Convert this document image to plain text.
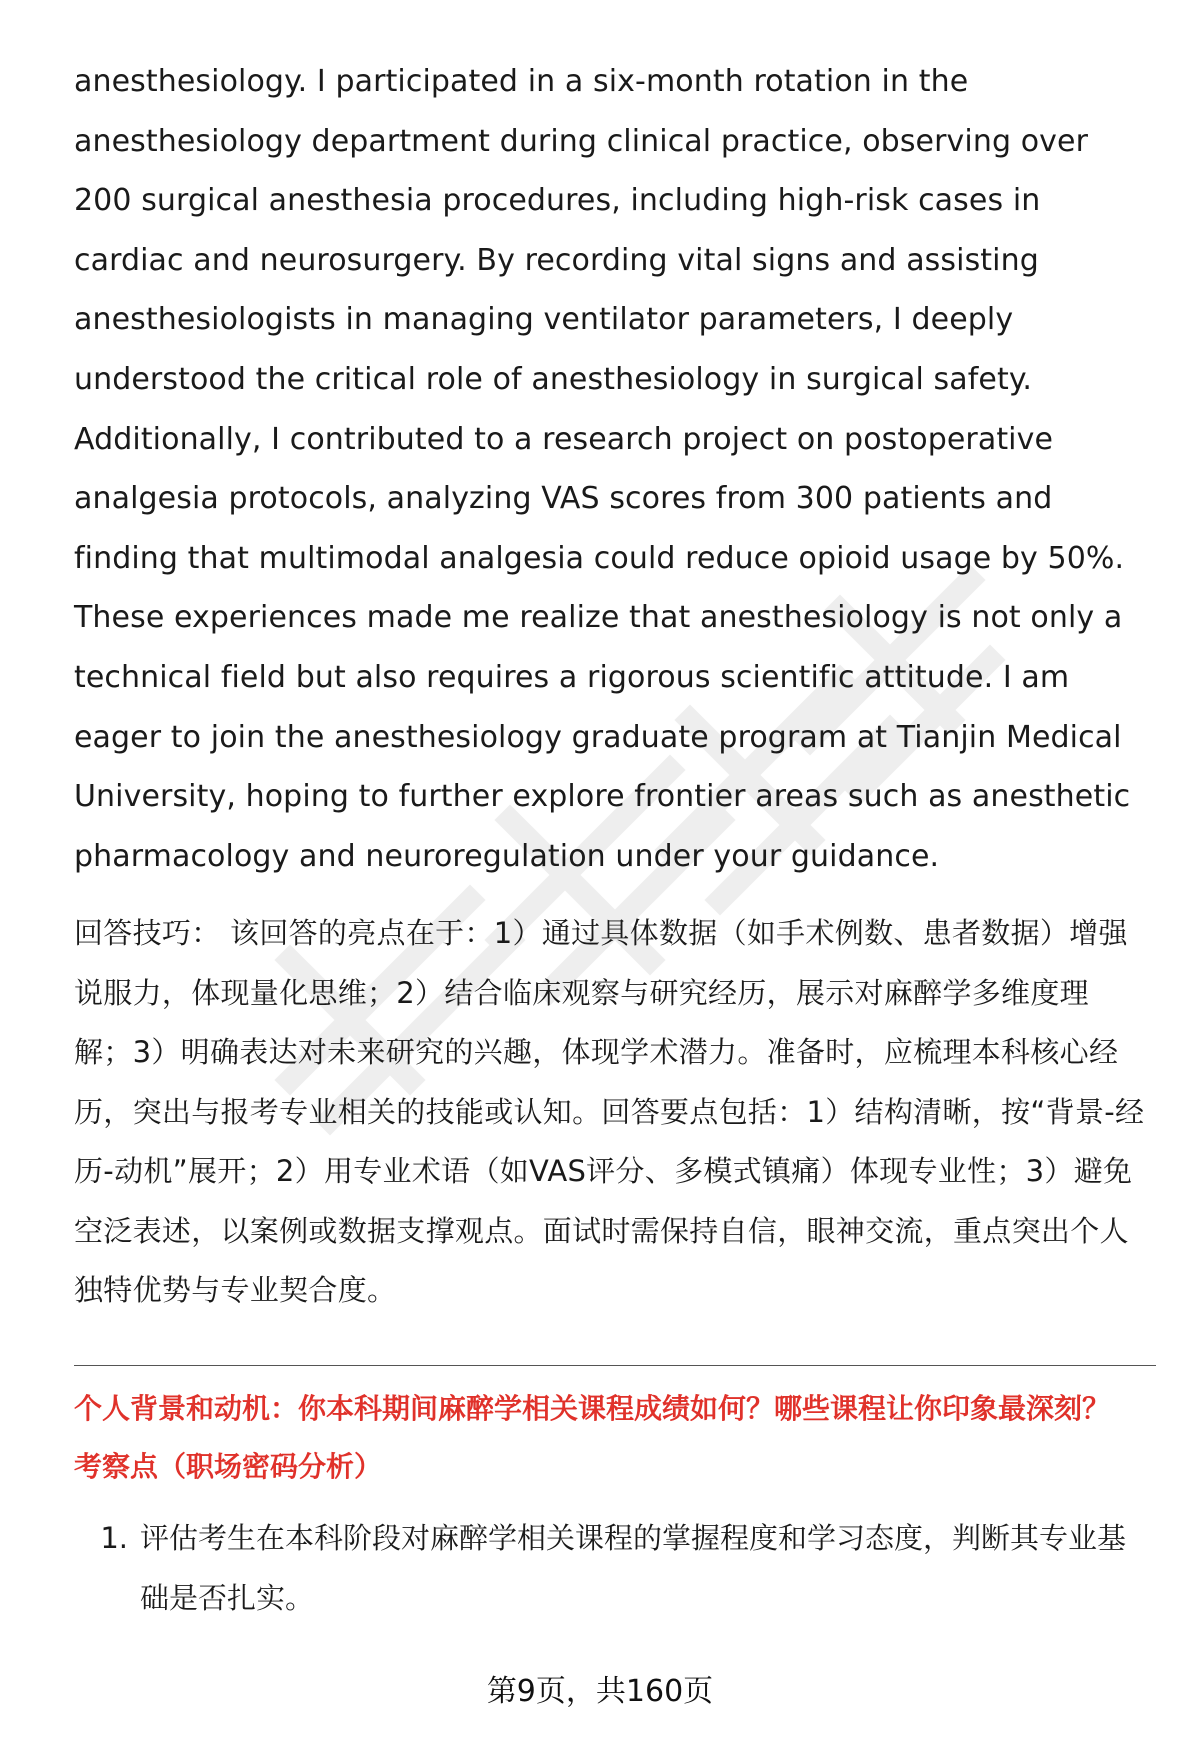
anesthesiology. I participated in a six-month rotation in the anesthesiology department during clinical practice, observing over 200 surgical anesthesia procedures, including high-risk cases in cardiac and neurosurgery. By recording vital signs and assisting anesthesiologists in managing ventilator parameters, I deeply understood the critical role of anesthesiology in surgical safety. Additionally, I contributed to a research project on postoperative analgesia protocols, analyzing VAS scores from 300 patients and finding that multimodal analgesia could reduce opioid usage by 50%. These experiences made me realize that anesthesiology is not only a technical field but also requires a rigorous scientific attitude. I am eager to join the anesthesiology graduate program at Tianjin Medical University, hoping to further explore frontier areas such as anesthetic pharmacology and neuroregulation under your guidance.

回答技巧： 该回答的亮点在于：1）通过具体数据（如手术例数、患者数据）增强说服力，体现量化思维；2）结合临床观察与研究经历，展示对麻醉学多维度理解；3）明确表达对未来研究的兴趣，体现学术潜力。准备时，应梳理本科核心经历，突出与报考专业相关的技能或认知。回答要点包括：1）结构清晰，按“背景-经历-动机”展开；2）用专业术语（如VAS评分、多模式镇痛）体现专业性；3）避免空泛表述，以案例或数据支撑观点。面试时需保持自信，眼神交流，重点突出个人独特优势与专业契合度。

个人背景和动机：你本科期间麻醉学相关课程成绩如何？哪些课程让你印象最深刻？

考察点（职场密码分析）

1. 评估考生在本科阶段对麻醉学相关课程的掌握程度和学习态度，判断其专业基础是否扎实。
第9页，共160页
